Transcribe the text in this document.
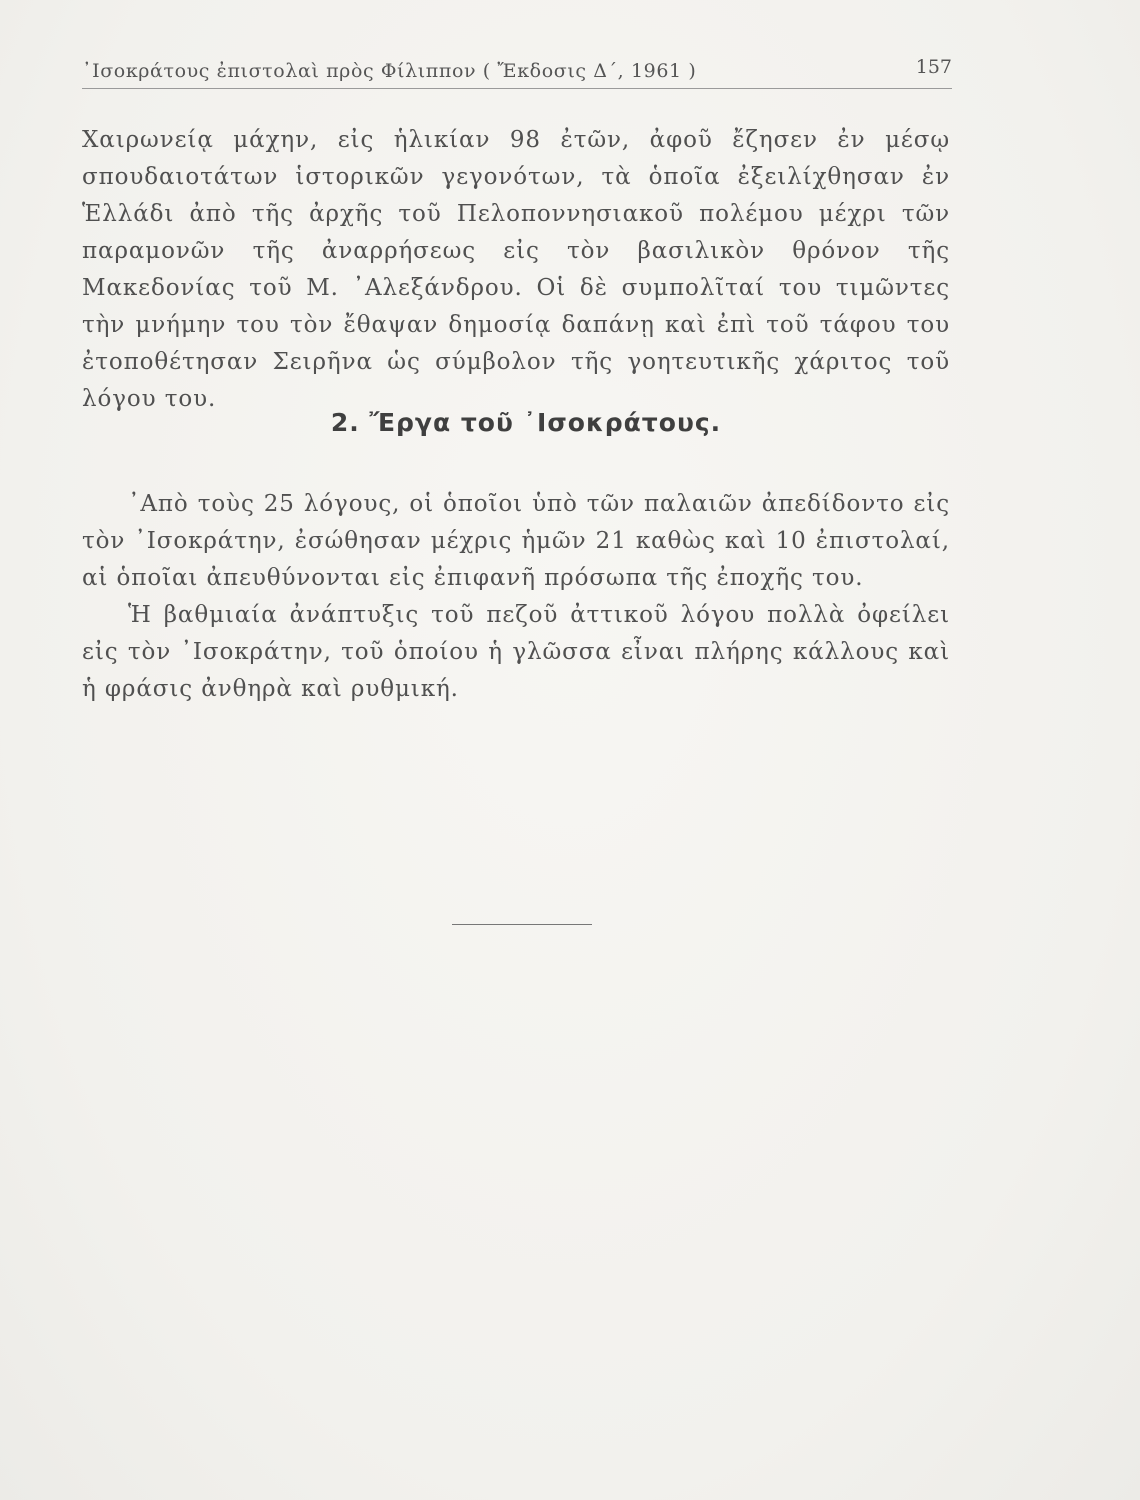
᾿Ισοκράτους ἐπιστολαὶ πρὸς Φίλιππον ( Ἔκδοσις Δ΄, 1961 )	157

Χαιρωνείᾳ μάχην, εἰς ἡλικίαν 98 ἐτῶν, ἀφοῦ ἔζησεν ἐν μέσῳ σπουδαιοτάτων ἱστορικῶν γεγονότων, τὰ ὁποῖα ἐξειλίχθησαν ἐν Ἑλλάδι ἀπὸ τῆς ἀρχῆς τοῦ Πελοποννησιακοῦ πολέμου μέχρι τῶν παραμονῶν τῆς ἀναρρήσεως εἰς τὸν βασιλικὸν θρόνον τῆς Μακεδονίας τοῦ Μ. ᾿Αλεξάνδρου. Οἱ δὲ συμπολῖταί του τιμῶντες τὴν μνήμην του τὸν ἔθαψαν δημοσίᾳ δαπάνῃ καὶ ἐπὶ τοῦ τάφου του ἐτοποθέτησαν Σειρῆνα ὡς σύμβολον τῆς γοητευτικῆς χάριτος τοῦ λόγου του.

2. Ἔργα τοῦ ᾿Ισοκράτους.

᾿Απὸ τοὺς 25 λόγους, οἱ ὁποῖοι ὑπὸ τῶν παλαιῶν ἀπεδίδοντο εἰς τὸν ᾿Ισοκράτην, ἐσώθησαν μέχρις ἡμῶν 21 καθὼς καὶ 10 ἐπιστολαί, αἱ ὁποῖαι ἀπευθύνονται εἰς ἐπιφανῆ πρόσωπα τῆς ἐποχῆς του.

Ἡ βαθμιαία ἀνάπτυξις τοῦ πεζοῦ ἀττικοῦ λόγου πολλὰ ὀφείλει εἰς τὸν ᾿Ισοκράτην, τοῦ ὁποίου ἡ γλῶσσα εἶναι πλήρης κάλλους καὶ ἡ φράσις ἀνθηρὰ καὶ ρυθμική.
